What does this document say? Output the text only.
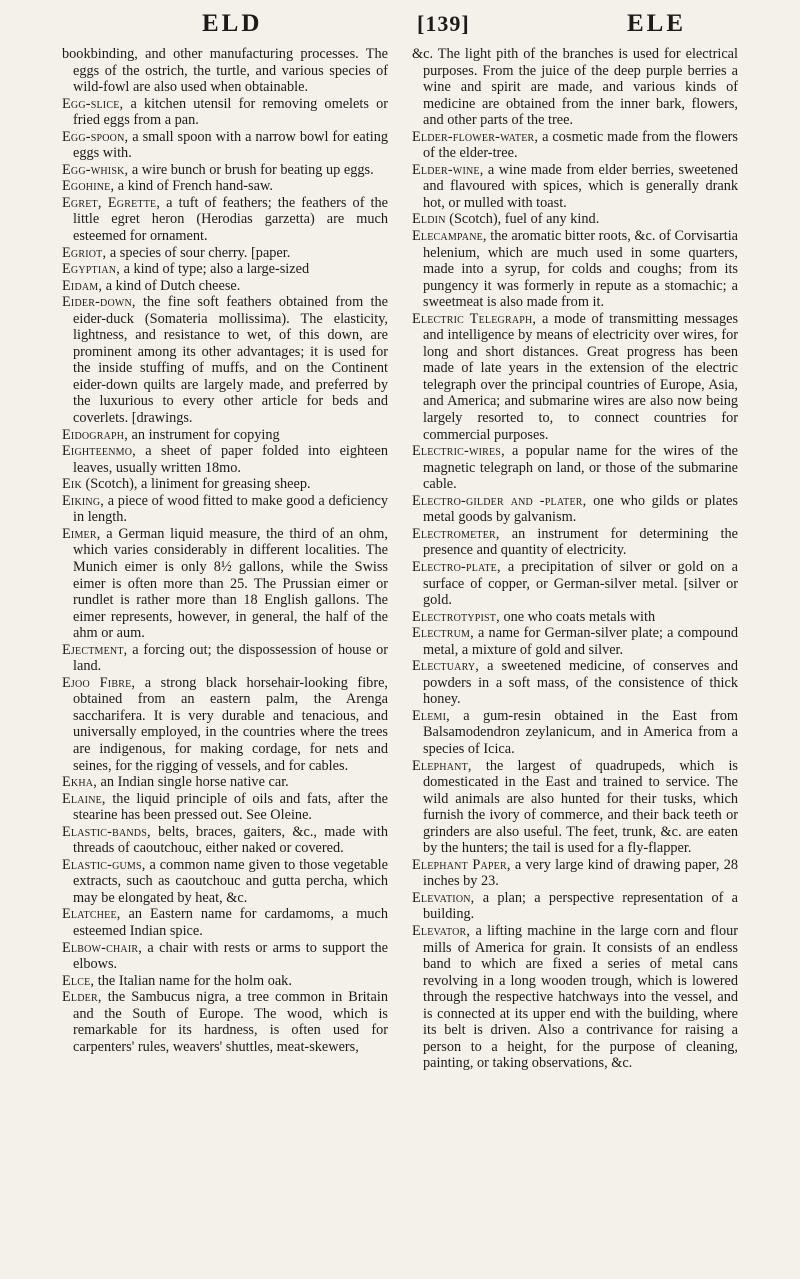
ELD	[139]	ELE

bookbinding, and other manufacturing processes. The eggs of the ostrich, the turtle, and various species of wild-fowl are also used when obtainable.

Egg-slice, a kitchen utensil for removing omelets or fried eggs from a pan.

Egg-spoon, a small spoon with a narrow bowl for eating eggs with.

Egg-whisk, a wire bunch or brush for beating up eggs.

Egohine, a kind of French hand-saw.

Egret, Egrette, a tuft of feathers; the feathers of the little egret heron (Herodias garzetta) are much esteemed for ornament.

Egriot, a species of sour cherry. [paper.

Egyptian, a kind of type; also a large-sized

Eidam, a kind of Dutch cheese.

Eider-down, the fine soft feathers obtained from the eider-duck (Somateria mollissima). The elasticity, lightness, and resistance to wet, of this down, are prominent among its other advantages; it is used for the inside stuffing of muffs, and on the Continent eider-down quilts are largely made, and preferred by the luxurious to every other article for beds and coverlets. [drawings.

Eidograph, an instrument for copying

Eighteenmo, a sheet of paper folded into eighteen leaves, usually written 18mo.

Eik (Scotch), a liniment for greasing sheep.

Eiking, a piece of wood fitted to make good a deficiency in length.

Eimer, a German liquid measure, the third of an ohm, which varies considerably in different localities. The Munich eimer is only 8½ gallons, while the Swiss eimer is often more than 25. The Prussian eimer or rundlet is rather more than 18 English gallons. The eimer represents, however, in general, the half of the ahm or aum.

Ejectment, a forcing out; the dispossession of house or land.

Ejoo Fibre, a strong black horsehair-looking fibre, obtained from an eastern palm, the Arenga saccharifera. It is very durable and tenacious, and universally employed, in the countries where the trees are indigenous, for making cordage, for nets and seines, for the rigging of vessels, and for cables.

Ekha, an Indian single horse native car.

Elaine, the liquid principle of oils and fats, after the stearine has been pressed out. See Oleine.

Elastic-bands, belts, braces, gaiters, &c., made with threads of caoutchouc, either naked or covered.

Elastic-gums, a common name given to those vegetable extracts, such as caoutchouc and gutta percha, which may be elongated by heat, &c.

Elatchee, an Eastern name for cardamoms, a much esteemed Indian spice.

Elbow-chair, a chair with rests or arms to support the elbows.

Elce, the Italian name for the holm oak.

Elder, the Sambucus nigra, a tree common in Britain and the South of Europe. The wood, which is remarkable for its hardness, is often used for carpenters' rules, weavers' shuttles, meat-skewers,

&c. The light pith of the branches is used for electrical purposes. From the juice of the deep purple berries a wine and spirit are made, and various kinds of medicine are obtained from the inner bark, flowers, and other parts of the tree.

Elder-flower-water, a cosmetic made from the flowers of the elder-tree.

Elder-wine, a wine made from elder berries, sweetened and flavoured with spices, which is generally drank hot, or mulled with toast.

Eldin (Scotch), fuel of any kind.

Elecampane, the aromatic bitter roots, &c. of Corvisartia helenium, which are much used in some quarters, made into a syrup, for colds and coughs; from its pungency it was formerly in repute as a stomachic; a sweetmeat is also made from it.

Electric Telegraph, a mode of transmitting messages and intelligence by means of electricity over wires, for long and short distances. Great progress has been made of late years in the extension of the electric telegraph over the principal countries of Europe, Asia, and America; and submarine wires are also now being largely resorted to, to connect countries for commercial purposes.

Electric-wires, a popular name for the wires of the magnetic telegraph on land, or those of the submarine cable.

Electro-gilder and -plater, one who gilds or plates metal goods by galvanism.

Electrometer, an instrument for determining the presence and quantity of electricity.

Electro-plate, a precipitation of silver or gold on a surface of copper, or German-silver metal. [silver or gold.

Electrotypist, one who coats metals with

Electrum, a name for German-silver plate; a compound metal, a mixture of gold and silver.

Electuary, a sweetened medicine, of conserves and powders in a soft mass, of the consistence of thick honey.

Elemi, a gum-resin obtained in the East from Balsamodendron zeylanicum, and in America from a species of Icica.

Elephant, the largest of quadrupeds, which is domesticated in the East and trained to service. The wild animals are also hunted for their tusks, which furnish the ivory of commerce, and their back teeth or grinders are also useful. The feet, trunk, &c. are eaten by the hunters; the tail is used for a fly-flapper.

Elephant Paper, a very large kind of drawing paper, 28 inches by 23.

Elevation, a plan; a perspective representation of a building.

Elevator, a lifting machine in the large corn and flour mills of America for grain. It consists of an endless band to which are fixed a series of metal cans revolving in a long wooden trough, which is lowered through the respective hatchways into the vessel, and is connected at its upper end with the building, where its belt is driven. Also a contrivance for raising a person to a height, for the purpose of cleaning, painting, or taking observations, &c.
